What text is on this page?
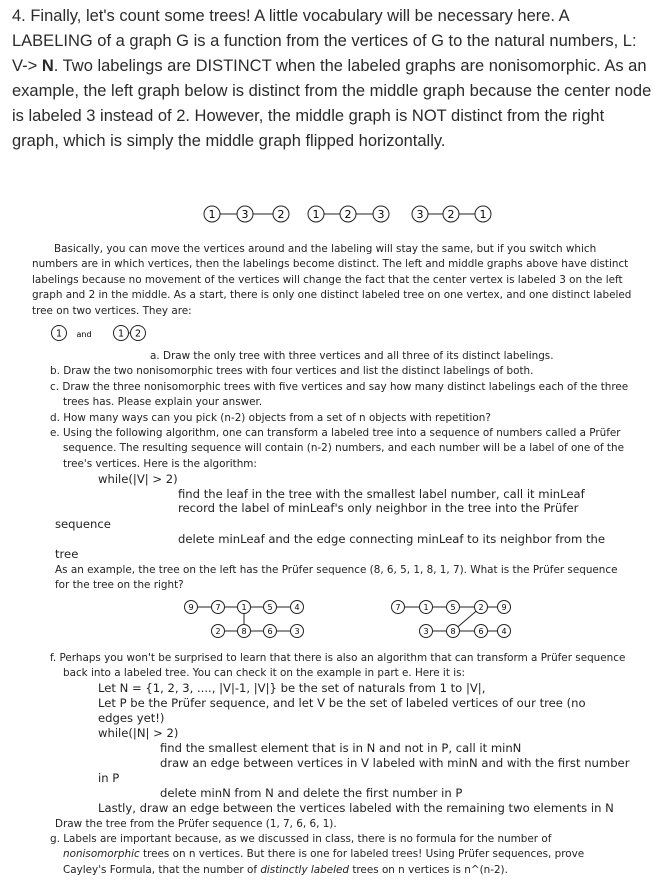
4. Finally, let's count some trees! A little vocabulary will be necessary here. A LABELING of a graph G is a function from the vertices of G to the natural numbers, L: V-> N. Two labelings are DISTINCT when the labeled graphs are nonisomorphic. As an example, the left graph below is distinct from the middle graph because the center node is labeled 3 instead of 2. However, the middle graph is NOT distinct from the right graph, which is simply the middle graph flipped horizontally.

1 3	2	1 2 3	3 2 1
1 and	1 2
9	7	1	5	4
2	8	6	3
7	1	5	2 9
3	8	6 4
Basically, you can move the vertices around and the labeling will stay the same, but if you switch which numbers are in which vertices, then the labelings become distinct. The left and middle graphs above have distinct labelings because no movement of the vertices will change the fact that the center vertex is labeled 3 on the left graph and 2 in the middle. As a start, there is only one distinct labeled tree on one vertex, and one distinct labeled tree on two vertices. They are:
a. Draw the only tree with three vertices and all three of its distinct labelings.
b. Draw the two nonisomorphic trees with four vertices and list the distinct labelings of both.
c. Draw the three nonisomorphic trees with five vertices and say how many distinct labelings each of the three trees has. Please explain your answer.
d. How many ways can you pick (n-2) objects from a set of n objects with repetition?
e. Using the following algorithm, one can transform a labeled tree into a sequence of numbers called a Prüfer sequence. The resulting sequence will contain (n-2) numbers, and each number will be a label of one of the tree's vertices. Here is the algorithm:
while(|V| > 2)
find the leaf in the tree with the smallest label number, call it minLeaf
record the label of minLeaf's only neighbor in the tree into the Prüfer
sequence
delete minLeaf and the edge connecting minLeaf to its neighbor from the
tree
As an example, the tree on the left has the Prüfer sequence (8, 6, 5, 1, 8, 1, 7). What is the Prüfer sequence for the tree on the right?
f. Perhaps you won't be surprised to learn that there is also an algorithm that can transform a Prüfer sequence back into a labeled tree. You can check it on the example in part e. Here it is:
Let N = {1, 2, 3, ...., |V|-1, |V|} be the set of naturals from 1 to |V|,
Let P be the Prüfer sequence, and let V be the set of labeled vertices of our tree (no edges yet!)
while(|N| > 2)
find the smallest element that is in N and not in P, call it minN
draw an edge between vertices in V labeled with minN and with the first number
in P
delete minN from N and delete the first number in P
Lastly, draw an edge between the vertices labeled with the remaining two elements in N
Draw the tree from the Prüfer sequence (1, 7, 6, 6, 1).
g. Labels are important because, as we discussed in class, there is no formula for the number of nonisomorphic trees on n vertices. But there is one for labeled trees! Using Prüfer sequences, prove Cayley's Formula, that the number of distinctly labeled trees on n vertices is n^(n-2).
